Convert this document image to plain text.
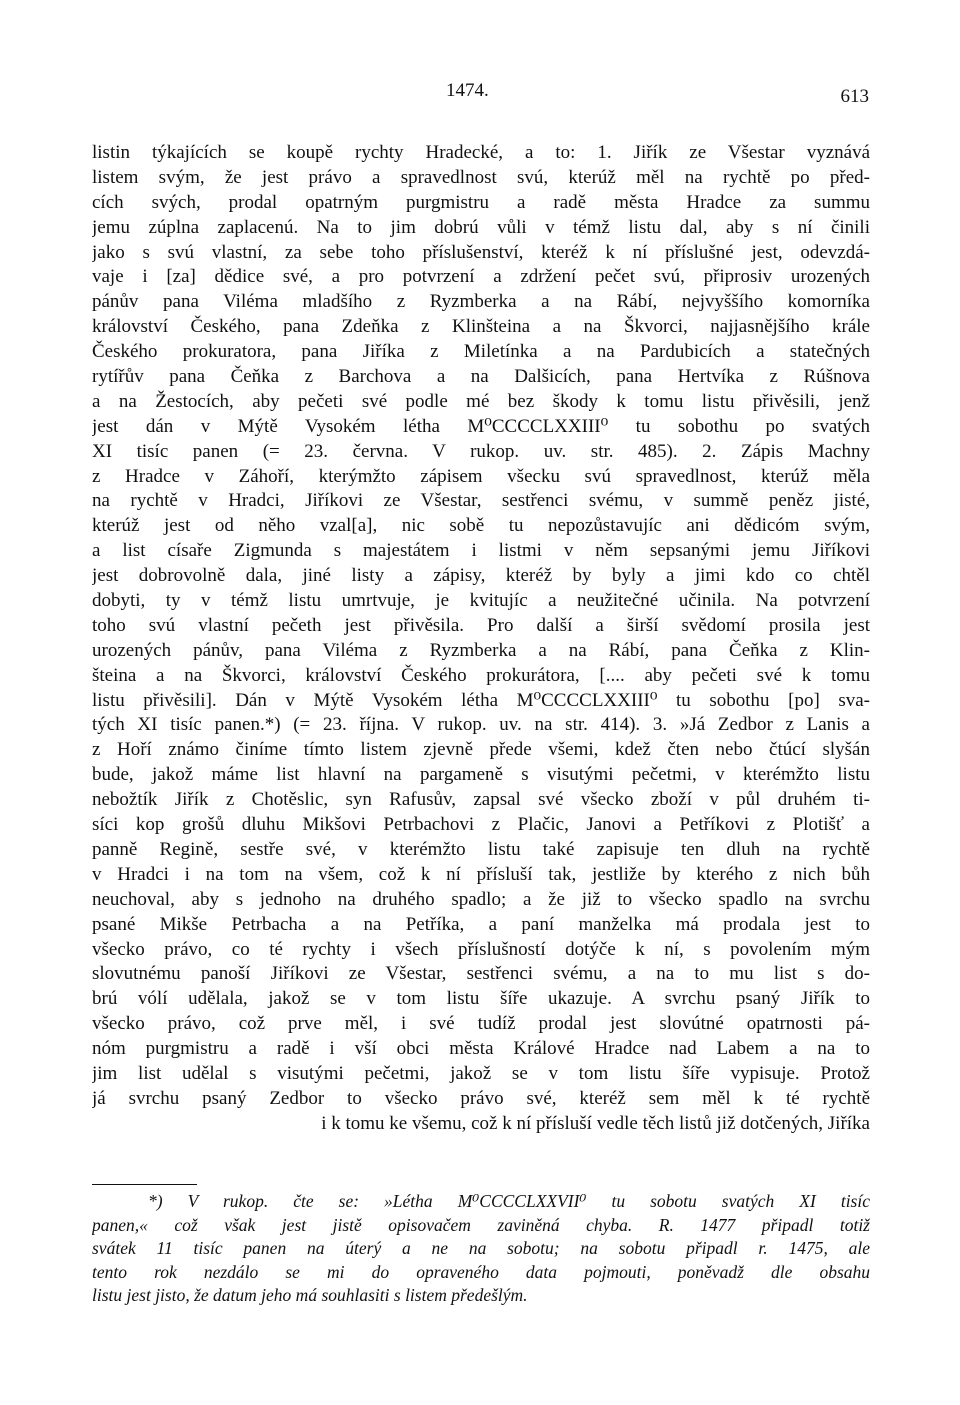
1474.	613
listin týkajících se koupě rychty Hradecké, a to: 1. Jiřík ze Všestar vyznává
listem svým, že jest právo a spravedlnost svú, kterúž měl na rychtě po před-
cích svých, prodal opatrným purgmistru a radě města Hradce za summu
jemu zúplna zaplacenú. Na to jim dobrú vůli v témž listu dal, aby s ní činili
jako s svú vlastní, za sebe toho příslušenství, kteréž k ní příslušné jest, odevzdá-
vaje i [za] dědice své, a pro potvrzení a zdržení pečet svú, připrosiv urozených
pánův pana Viléma mladšího z Ryzmberka a na Rábí, nejvyššího komorníka
království Českého, pana Zdeňka z Klinšteina a na Škvorci, najjasnějšího krále
Českého prokuratora, pana Jiříka z Miletínka a na Pardubicích a statečných
rytířův pana Čeňka z Barchova a na Dalšicích, pana Hertvíka z Rúšnova
a na Žestocích, aby pečeti své podle mé bez škody k tomu listu přivěsili, jenž
jest dán v Mýtě Vysokém létha M⁰CCCCLXXIII⁰ tu sobothu po svatých
XI tisíc panen (= 23. června. V rukop. uv. str. 485). 2. Zápis Machny
z Hradce v Záhoří, kterýmžto zápisem všecku svú spravedlnost, kterúž měla
na rychtě v Hradci, Jiříkovi ze Všestar, sestřenci svému, v summě peněz jisté,
kterúž jest od něho vzal[a], nic sobě tu nepozůstavujíc ani dědicóm svým,
a list císaře Zigmunda s majestátem i listmi v něm sepsanými jemu Jiříkovi
jest dobrovolně dala, jiné listy a zápisy, kteréž by byly a jimi kdo co chtěl
dobyti, ty v témž listu umrtvuje, je kvitujíc a neužitečné učinila. Na potvrzení
toho svú vlastní pečeth jest přivěsila. Pro další a širší svědomí prosila jest
urozených pánův, pana Viléma z Ryzmberka a na Rábí, pana Čeňka z Klin-
šteina a na Škvorci, království Českého prokurátora, [.... aby pečeti své k tomu
listu přivěsili]. Dán v Mýtě Vysokém létha M⁰CCCCLXXIII⁰ tu sobothu [po] sva-
tých XI tisíc panen.*) (= 23. října. V rukop. uv. na str. 414). 3. »Já Zedbor z Lanis a
z Hoří známo činíme tímto listem zjevně přede všemi, kdež čten nebo čtúcí slyšán
bude, jakož máme list hlavní na pargameně s visutými pečetmi, v kterémžto listu
nebožtík Jiřík z Chotěslic, syn Rafusův, zapsal své všecko zboží v půl druhém ti-
síci kop grošů dluhu Mikšovi Petrbachovi z Plačic, Janovi a Petříkovi z Plotišť a
panně Regině, sestře své, v kterémžto listu také zapisuje ten dluh na rychtě
v Hradci i na tom na všem, což k ní přísluší tak, jestliže by kterého z nich bůh
neuchoval, aby s jednoho na druhého spadlo; a že již to všecko spadlo na svrchu
psané Mikše Petrbacha a na Petříka, a paní manželka má prodala jest to
všecko právo, co té rychty i všech příslušností dotýče k ní, s povolením mým
slovutnému panoší Jiříkovi ze Všestar, sestřenci svému, a na to mu list s do-
brú vólí udělala, jakož se v tom listu šíře ukazuje. A svrchu psaný Jiřík to
všecko právo, což prve měl, i své tudíž prodal jest slovútné opatrnosti pá-
nóm purgmistru a radě i vší obci města Králové Hradce nad Labem a na to
jim list udělal s visutými pečetmi, jakož se v tom listu šíře vypisuje. Protož
já svrchu psaný Zedbor to všecko právo své, kteréž sem měl k té rychtě
i k tomu ke všemu, což k ní přísluší vedle těch listů již dotčených, Jiříka
*) V rukop. čte se: »Létha M⁰CCCCLXXVII⁰ tu sobotu svatých XI tisíc
panen,« což však jest jistě opisovačem zaviněná chyba. R. 1477 připadl totiž
svátek 11 tisíc panen na úterý a ne na sobotu; na sobotu připadl r. 1475, ale
tento rok nezdálo se mi do opraveného data pojmouti, poněvadž dle obsahu
listu jest jisto, že datum jeho má souhlasiti s listem předešlým.
